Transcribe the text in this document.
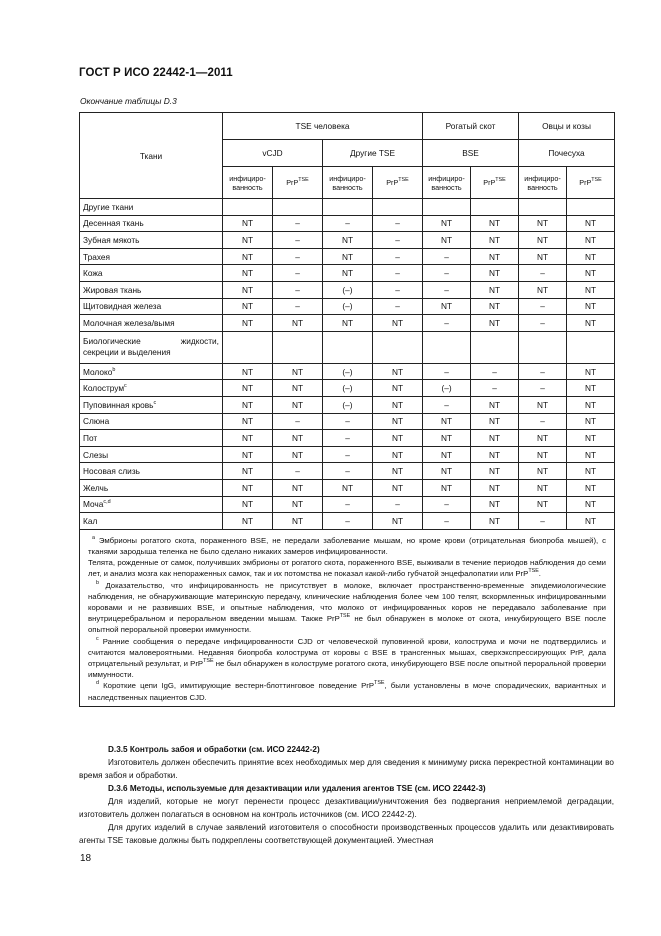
ГОСТ Р ИСО 22442-1—2011
Окончание таблицы D.3
Ткани	TSE человека				Рогатый скот		Овцы и козы	
	vCJD		Другие TSE		BSE		Почесуха	
	инфициро-ванность	PrP$^{TSE}$	инфициро-ванность	PrP$^{TSE}$	инфициро-ванность	PrP$^{TSE}$	инфициро-ванность	PrP$^{TSE}$
Другие ткани								
Десенная ткань	NT	–	–	–	NT	NT	NT	NT
Зубная мякоть	NT	–	NT	–	NT	NT	NT	NT
Трахея	NT	–	NT	–	–	NT	NT	NT
Кожа	NT	–	NT	–	–	NT	–	NT
Жировая ткань	NT	–	(–)	–	–	NT	NT	NT
Щитовидная железа	NT	–	(–)	–	NT	NT	–	NT
Молочная железа/вымя	NT	NT	NT	NT	–	NT	–	NT
Биологические жидкости, секреции и выделения								
Молоко$^b$	NT	NT	(–)	NT	–	–	–	NT
Колострум$^c$	NT	NT	(–)	NT	(–)	–	–	NT
Пуповинная кровь$^c$	NT	NT	(–)	NT	–	NT	NT	NT
Слюна	NT	–	–	NT	NT	NT	–	NT
Пот	NT	NT	–	NT	NT	NT	NT	NT
Слезы	NT	NT	–	NT	NT	NT	NT	NT
Носовая слизь	NT	–	–	NT	NT	NT	NT	NT
Желчь	NT	NT	NT	NT	NT	NT	NT	NT
Моча$^{c,d}$	NT	NT	–	–	–	NT	NT	NT
Кал	NT	NT	–	NT	–	NT	–	NT

$^a$ Эмбрионы рогатого скота, пораженного BSE, не передали заболевание мышам, но кроме крови (отрицательная биопроба мышей), с тканями зародыша теленка не было сделано никаких замеров инфицированности.

Телята, рожденные от самок, получивших эмбрионы от рогатого скота, пораженного BSE, выживали в течение периодов наблюдения до семи лет, и анализ мозга как непораженных самок, так и их потомства не показал какой-либо губчатой энцефалопатии или PrP$^{TSE}$.

$^b$ Доказательство, что инфицированность не присутствует в молоке, включает пространственно-временные эпидемиологические наблюдения, не обнаруживающие материнскую передачу, клинические наблюдения более чем 100 телят, вскормленных инфицированными коровами и не развивших BSE, и опытные наблюдения, что молоко от инфицированных коров не передавало заболевание при внутрицеребральном и пероральном введении мышам. Также PrP$^{TSE}$ не был обнаружен в молоке от скота, инкубирующего BSE после опытной пероральной проверки иммунности.

$^c$ Ранние сообщения о передаче инфицированности CJD от человеческой пуповинной крови, колострума и мочи не подтвердились и считаются маловероятными. Недавняя биопроба колострума от коровы с BSE в трансгенных мышах, сверхэкспрессирующих PrP, дала отрицательный результат, и PrP$^{TSE}$ не был обнаружен в колоструме рогатого скота, инкубирующего BSE после опытной пероральной проверки иммунности.

$^d$ Короткие цепи IgG, имитирующие вестерн-блоттинговое поведение PrP$^{TSE}$, были установлены в моче спорадических, вариантных и наследственных пациентов CJD.								

D.3.5 Контроль забоя и обработки (см. ИСО 22442-2)

Изготовитель должен обеспечить принятие всех необходимых мер для сведения к минимуму риска перекрестной контаминации во время забоя и обработки.

D.3.6 Методы, используемые для дезактивации или удаления агентов TSE (см. ИСО 22442-3)

Для изделий, которые не могут перенести процесс дезактивации/уничтожения без подвергания неприемлемой деградации, изготовитель должен полагаться в основном на контроль источников (см. ИСО 22442-2).

Для других изделий в случае заявлений изготовителя о способности производственных процессов удалить или дезактивировать агенты TSE таковые должны быть подкреплены соответствующей документацией. Уместная

18
